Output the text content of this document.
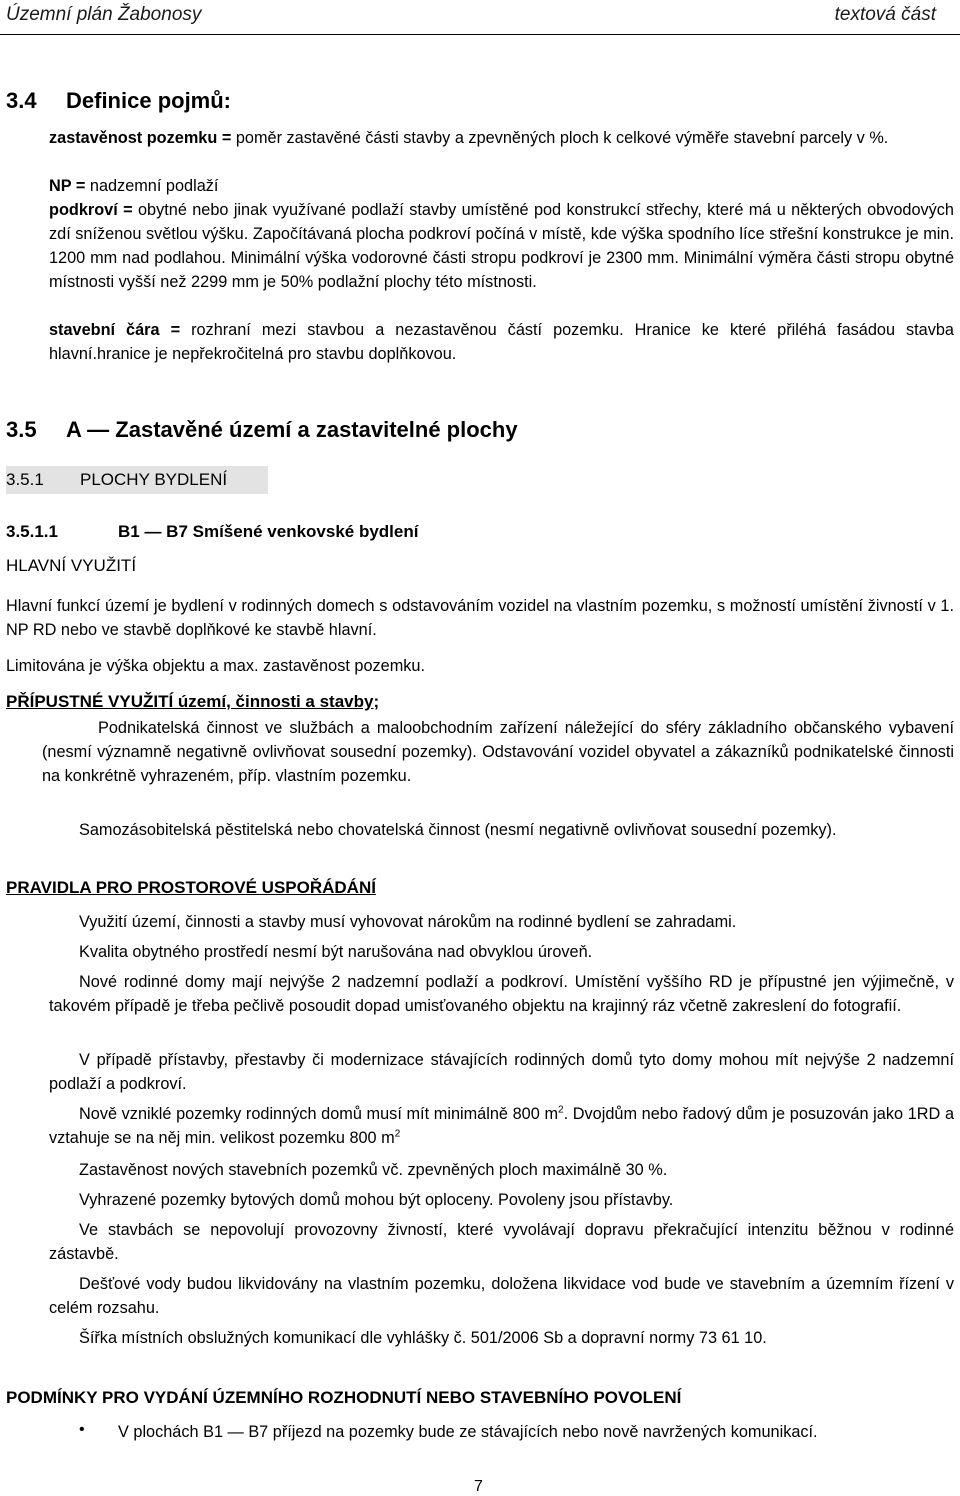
Územní plán Žabonosy	textová část
3.4 Definice pojmů:

zastavěnost pozemku = poměr zastavěné části stavby a zpevněných ploch k celkové výměře stavební parcely v %.

NP = nadzemní podlaží

podkroví = obytné nebo jinak využívané podlaží stavby umístěné pod konstrukcí střechy, které má u některých obvodových zdí sníženou světlou výšku. Započítávaná plocha podkroví počíná v místě, kde výška spodního líce střešní konstrukce je min. 1200 mm nad podlahou. Minimální výška vodorovné části stropu podkroví je 2300 mm. Minimální výměra části stropu obytné místnosti vyšší než 2299 mm je 50% podlažní plochy této místnosti.

stavební čára = rozhraní mezi stavbou a nezastavěnou částí pozemku. Hranice ke které přiléhá fasádou stavba hlavní.hranice je nepřekročitelná pro stavbu doplňkovou.

3.5 A — Zastavěné území a zastavitelné plochy
3.5.1 PLOCHY BYDLENÍ
3.5.1.1	B1 — B7 Smíšené venkovské bydlení
HLAVNÍ VYUŽITÍ

Hlavní funkcí území je bydlení v rodinných domech s odstavováním vozidel na vlastním pozemku, s možností umístění živností v 1. NP RD nebo ve stavbě doplňkové ke stavbě hlavní.

Limitována je výška objektu a max. zastavěnost pozemku.

PŘÍPUSTNÉ VYUŽITÍ území, činnosti a stavby;

Podnikatelská činnost ve službách a maloobchodním zařízení náležející do sféry základního občanského vybavení (nesmí významně negativně ovlivňovat sousední pozemky). Odstavování vozidel obyvatel a zákazníků podnikatelské činnosti na konkrétně vyhrazeném, příp. vlastním pozemku.

Samozásobitelská pěstitelská nebo chovatelská činnost (nesmí negativně ovlivňovat sousední pozemky).

PRAVIDLA PRO PROSTOROVÉ USPOŘÁDÁNÍ

Využití území, činnosti a stavby musí vyhovovat nárokům na rodinné bydlení se zahradami.

Kvalita obytného prostředí nesmí být narušována nad obvyklou úroveň.

Nové rodinné domy mají nejvýše 2 nadzemní podlaží a podkroví. Umístění vyššího RD je přípustné jen výjimečně, v takovém případě je třeba pečlivě posoudit dopad umisťovaného objektu na krajinný ráz včetně zakreslení do fotografií.

V případě přístavby, přestavby či modernizace stávajících rodinných domů tyto domy mohou mít nejvýše 2 nadzemní podlaží a podkroví.

Nově vzniklé pozemky rodinných domů musí mít minimálně 800 $m^2$. Dvojdům nebo řadový dům je posuzován jako 1RD a vztahuje se na něj min. velikost pozemku 800 $m^2$

Zastavěnost nových stavebních pozemků vč. zpevněných ploch maximálně 30 %.

Vyhrazené pozemky bytových domů mohou být oploceny. Povoleny jsou přístavby.

Ve stavbách se nepovolují provozovny živností, které vyvolávají dopravu překračující intenzitu běžnou v rodinné zástavbě.

Dešťové vody budou likvidovány na vlastním pozemku, doložena likvidace vod bude ve stavebním a územním řízení v celém rozsahu.

Šířka místních obslužných komunikací dle vyhlášky č. 501/2006 Sb a dopravní normy 73 61 10.

PODMÍNKY PRO VYDÁNÍ ÚZEMNÍHO ROZHODNUTÍ NEBO STAVEBNÍHO POVOLENÍ
• V plochách B1 — B7 příjezd na pozemky bude ze stávajících nebo nově navržených komunikací.

7
